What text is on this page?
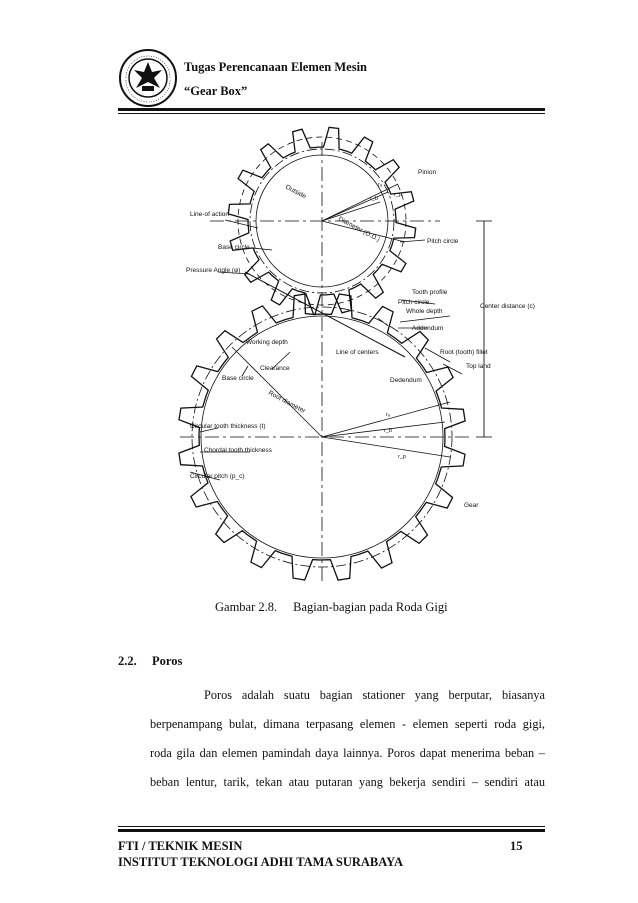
Tugas Perencanaan Elemen Mesin
“Gear Box”
Pinion
rₐ
r_b
r_p
Outside
Diameter (O.D.)
Line-of action
Base circle
Pitch circle
Pressure Angle (φ)
Tooth profile
Pitch circle
Whole depth
Addendum
Center distance (c)
Working depth
Clearance
Base circle
Line of centers	Root (tooth) fillet
Top land
Dedendum
Root diameter
rₐ
r_b
r_p
Circular tooth thickness (t)
Chordal tooth thickness
Circular pitch (p_c)
Gear
Gambar 2.8. Bagian-bagian pada Roda Gigi
2.2. Poros
Poros adalah suatu bagian stationer yang berputar, biasanya
berpenampang bulat, dimana terpasang elemen - elemen seperti roda gigi,
roda gila dan elemen pamindah daya lainnya. Poros dapat menerima beban –
beban lentur, tarik, tekan atau putaran yang bekerja sendiri – sendiri atau
FTI / TEKNIK MESIN	15
INSTITUT TEKNOLOGI ADHI TAMA SURABAYA
